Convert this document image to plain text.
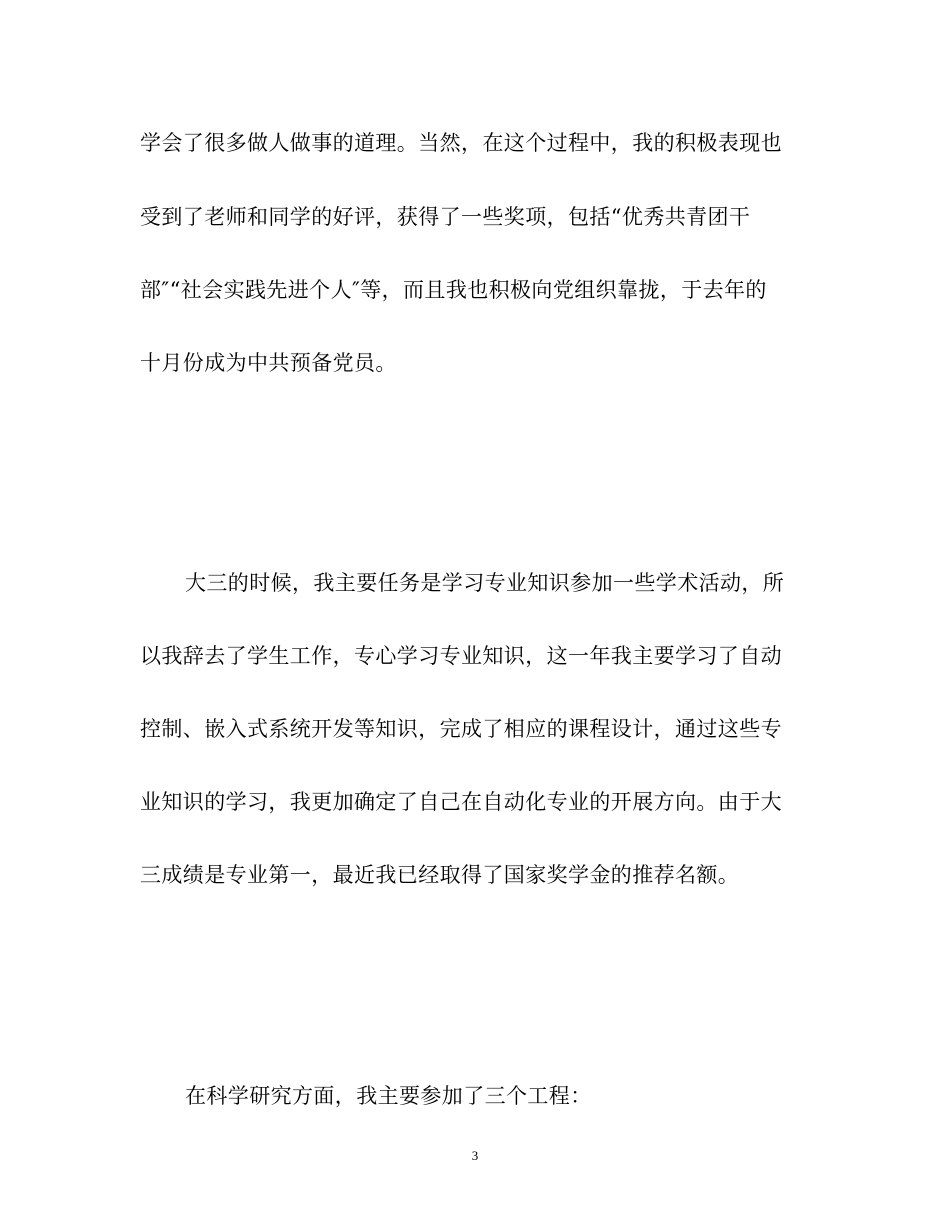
学会了很多做人做事的道理。当然，在这个过程中，我的积极表现也
受到了老师和同学的好评，获得了一些奖项，包括“优秀共青团干
部″“社会实践先进个人″等，而且我也积极向党组织靠拢，于去年的
十月份成为中共预备党员。
大三的时候，我主要任务是学习专业知识参加一些学术活动，所
以我辞去了学生工作，专心学习专业知识，这一年我主要学习了自动
控制、嵌入式系统开发等知识，完成了相应的课程设计，通过这些专
业知识的学习，我更加确定了自己在自动化专业的开展方向。由于大
三成绩是专业第一，最近我已经取得了国家奖学金的推荐名额。
在科学研究方面，我主要参加了三个工程：
3
